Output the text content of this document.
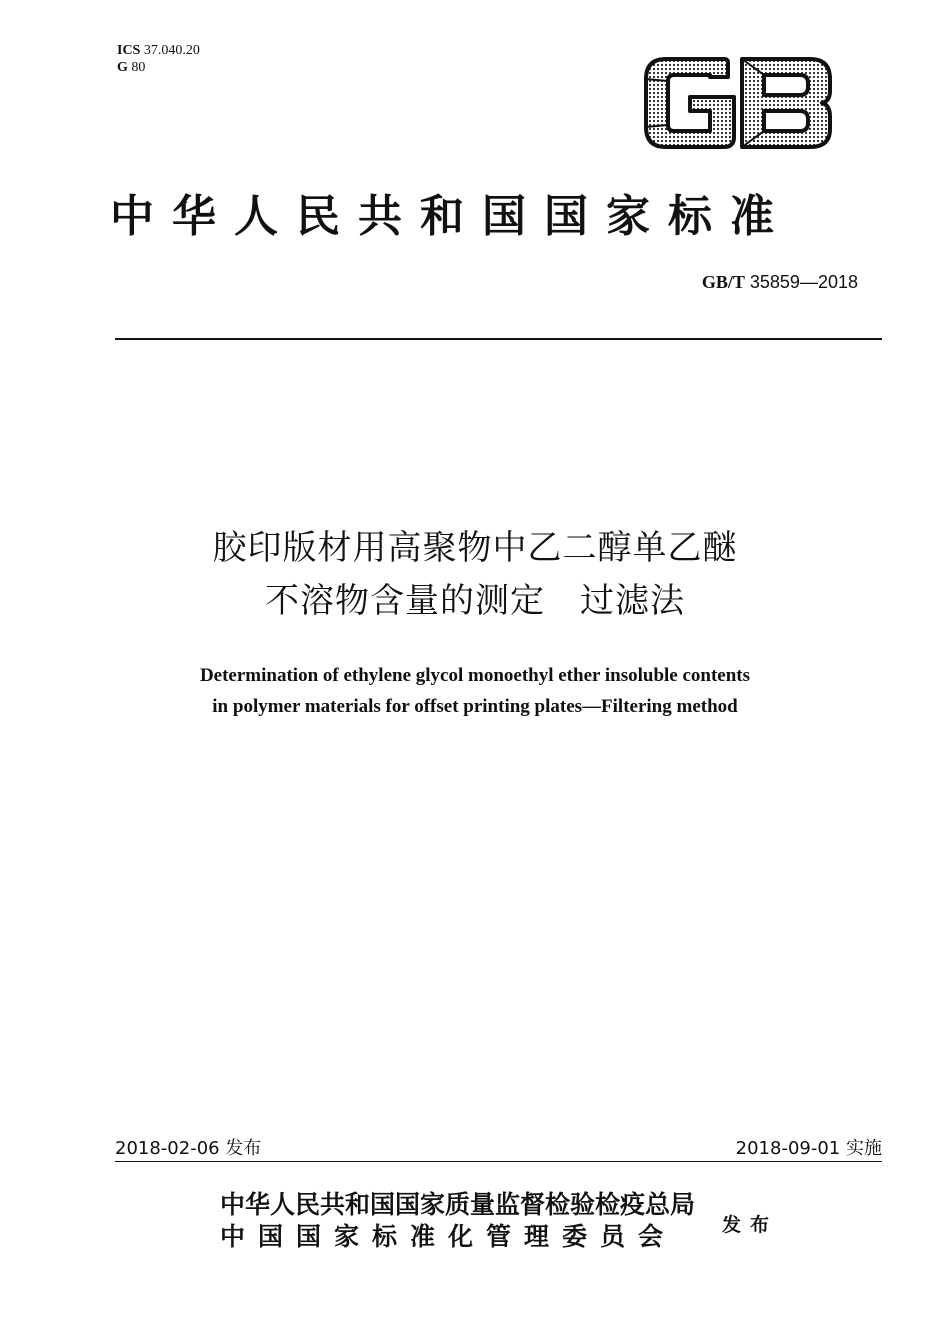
ICS 37.040.20
G 80
GB
中华人民共和国国家标准
GB/T 35859—2018
胶印版材用高聚物中乙二醇单乙醚
不溶物含量的测定　过滤法
Determination of ethylene glycol monoethyl ether insoluble contents
in polymer materials for offset printing plates—Filtering method
2018-02-06 发布	2018-09-01 实施
中华人民共和国国家质量监督检验检疫总局
中国国家标准化管理委员会 发布
